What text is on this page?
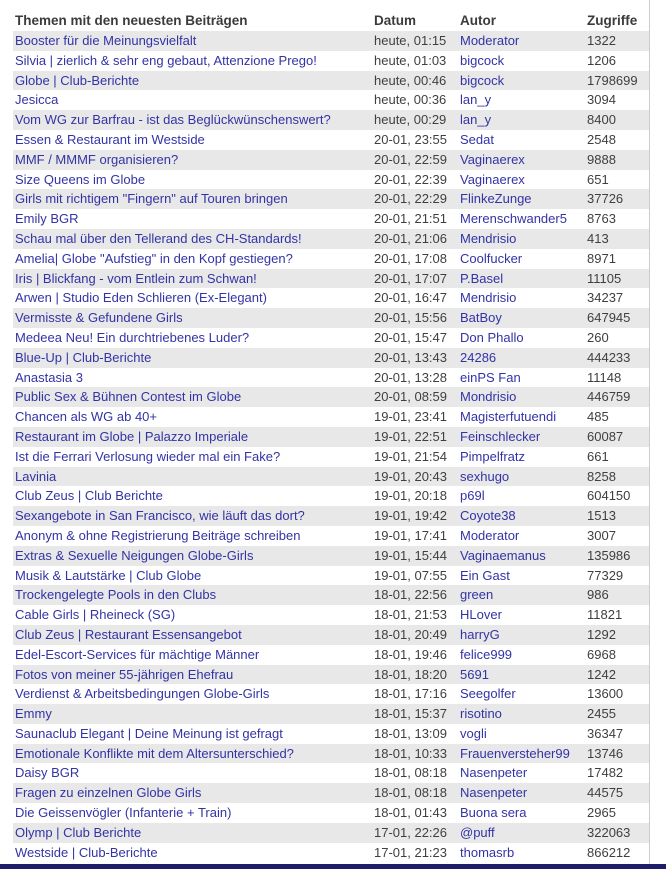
Themen mit den neuesten Beiträgen	Datum	Autor	Zugriffe
Booster für die Meinungsvielfalt	heute, 01:15	Moderator	1322
Silvia | zierlich & sehr eng gebaut, Attenzione Prego!	heute, 01:03	bigcock	1206
Globe | Club-Berichte	heute, 00:46	bigcock	1798699
Jesicca	heute, 00:36	lan_y	3094
Vom WG zur Barfrau - ist das Beglückwünschenswert?	heute, 00:29	lan_y	8400
Essen & Restaurant im Westside	20-01, 23:55 Sedat	2548
MMF / MMMF organisieren?	20-01, 22:59 Vaginaerex	9888
Size Queens im Globe	20-01, 22:39 Vaginaerex	651
Girls mit richtigem "Fingern" auf Touren bringen	20-01, 22:29 FlinkeZunge	37726
Emily BGR	20-01, 21:51 Merenschwander5	8763
Schau mal über den Tellerand des CH-Standards!	20-01, 21:06 Mendrisio	413
Amelia| Globe "Aufstieg" in den Kopf gestiegen?	20-01, 17:08 Coolfucker	8971
Iris | Blickfang - vom Entlein zum Schwan!	20-01, 17:07 P.Basel	11105
Arwen | Studio Eden Schlieren (Ex-Elegant)	20-01, 16:47 Mendrisio	34237
Vermisste & Gefundene Girls	20-01, 15:56 BatBoy	647945
Medeea Neu! Ein durchtriebenes Luder?	20-01, 15:47 Don Phallo	260
Blue-Up | Club-Berichte	20-01, 13:43 24286	444233
Anastasia 3	20-01, 13:28 einPS Fan	11148
Public Sex & Bühnen Contest im Globe	20-01, 08:59 Mondrisio	446759
Chancen als WG ab 40+	19-01, 23:41 Magisterfutuendi	485
Restaurant im Globe | Palazzo Imperiale	19-01, 22:51 Feinschlecker	60087
Ist die Ferrari Verlosung wieder mal ein Fake?	19-01, 21:54 Pimpelfratz	661
Lavinia	19-01, 20:43 sexhugo	8258
Club Zeus | Club Berichte	19-01, 20:18 p69l	604150
Sexangebote in San Francisco, wie läuft das dort?	19-01, 19:42 Coyote38	1513
Anonym & ohne Registrierung Beiträge schreiben	19-01, 17:41 Moderator	3007
Extras & Sexuelle Neigungen Globe-Girls	19-01, 15:44 Vaginaemanus	135986
Musik & Lautstärke | Club Globe	19-01, 07:55 Ein Gast	77329
Trockengelegte Pools in den Clubs	18-01, 22:56 green	986
Cable Girls | Rheineck (SG)	18-01, 21:53 HLover	11821
Club Zeus | Restaurant Essensangebot	18-01, 20:49 harryG	1292
Edel-Escort-Services für mächtige Männer	18-01, 19:46 felice999	6968
Fotos von meiner 55-jährigen Ehefrau	18-01, 18:20 5691	1242
Verdienst & Arbeitsbedingungen Globe-Girls	18-01, 17:16 Seegolfer	13600
Emmy	18-01, 15:37 risotino	2455
Saunaclub Elegant | Deine Meinung ist gefragt	18-01, 13:09 vogli	36347
Emotionale Konflikte mit dem Altersunterschied?	18-01, 10:33 Frauenversteher99	13746
Daisy BGR	18-01, 08:18 Nasenpeter	17482
Fragen zu einzelnen Globe Girls	18-01, 08:18 Nasenpeter	44575
Die Geissenvögler (Infanterie + Train)	18-01, 01:43 Buona sera	2965
Olymp | Club Berichte	17-01, 22:26 @puff	322063
Westside | Club-Berichte	17-01, 21:23 thomasrb	866212
